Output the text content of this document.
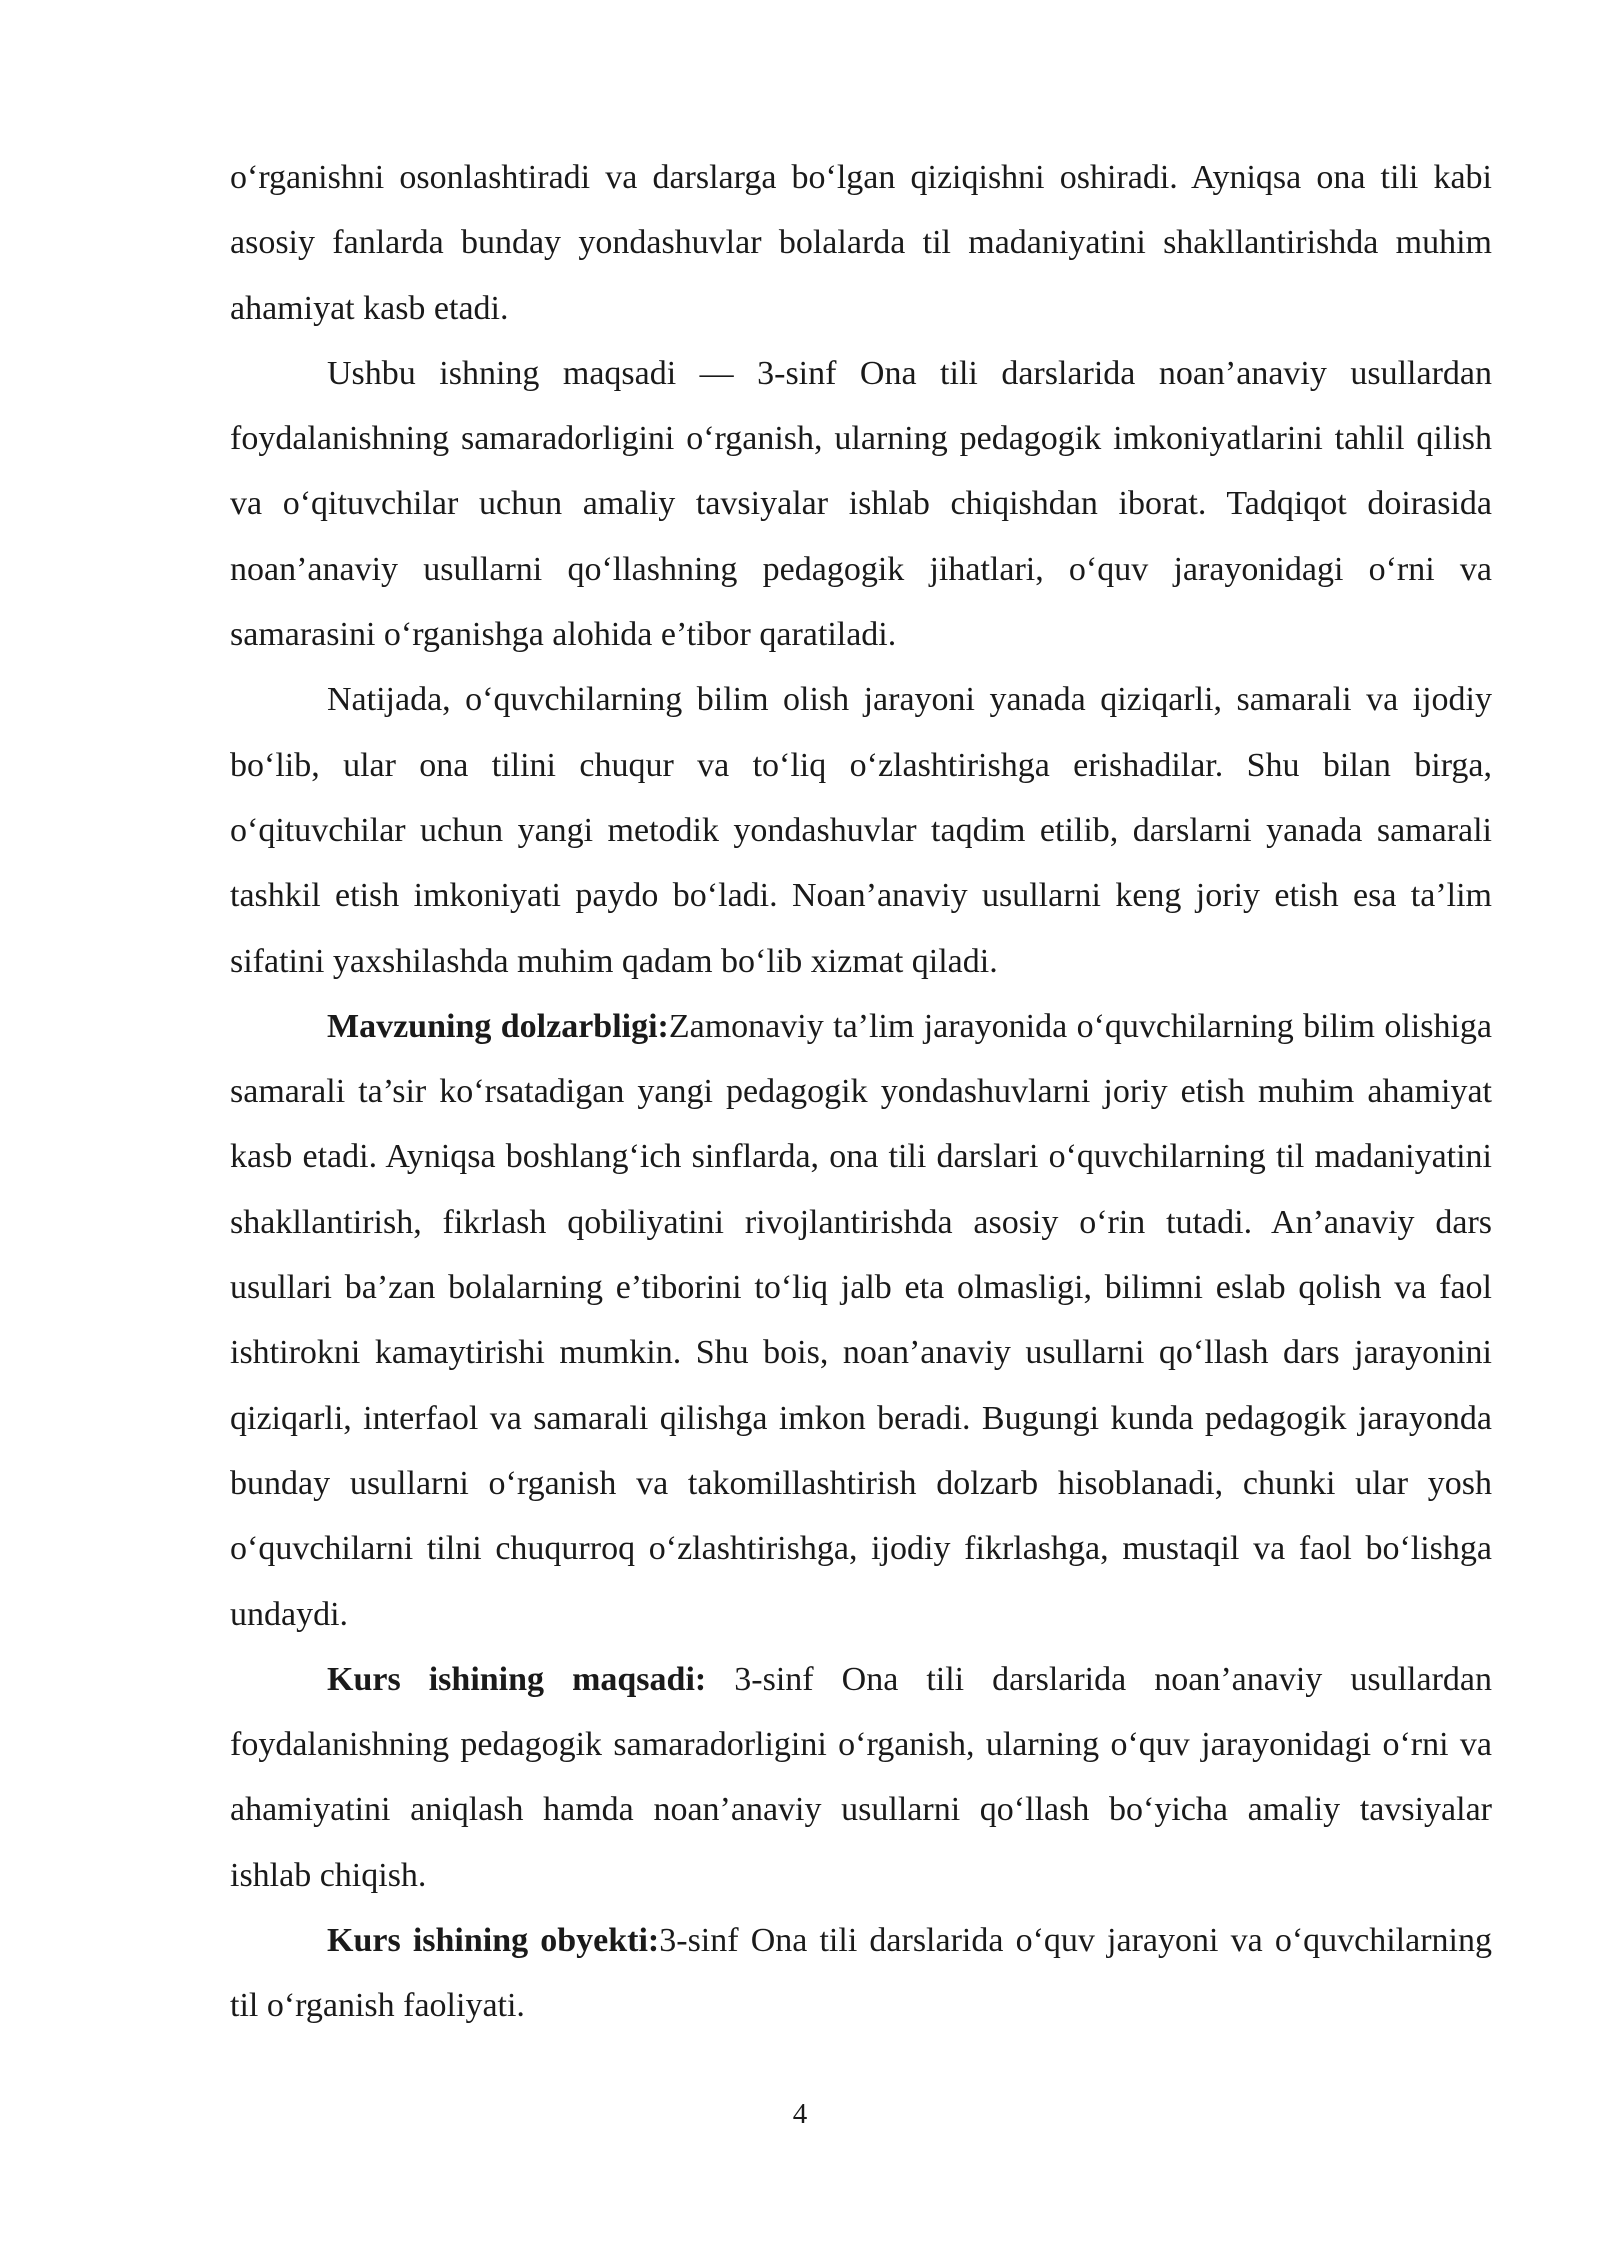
o‘rganishni osonlashtiradi va darslarga bo‘lgan qiziqishni oshiradi. Ayniqsa ona tili kabi asosiy fanlarda bunday yondashuvlar bolalarda til madaniyatini shakllantirishda muhim ahamiyat kasb etadi.

Ushbu ishning maqsadi — 3-sinf Ona tili darslarida noan’anaviy usullardan foydalanishning samaradorligini o‘rganish, ularning pedagogik imkoniyatlarini tahlil qilish va o‘qituvchilar uchun amaliy tavsiyalar ishlab chiqishdan iborat. Tadqiqot doirasida noan’anaviy usullarni qo‘llashning pedagogik jihatlari, o‘quv jarayonidagi o‘rni va samarasini o‘rganishga alohida e’tibor qaratiladi.

Natijada, o‘quvchilarning bilim olish jarayoni yanada qiziqarli, samarali va ijodiy bo‘lib, ular ona tilini chuqur va to‘liq o‘zlashtirishga erishadilar. Shu bilan birga, o‘qituvchilar uchun yangi metodik yondashuvlar taqdim etilib, darslarni yanada samarali tashkil etish imkoniyati paydo bo‘ladi. Noan’anaviy usullarni keng joriy etish esa ta’lim sifatini yaxshilashda muhim qadam bo‘lib xizmat qiladi.

Mavzuning dolzarbligi:Zamonaviy ta’lim jarayonida o‘quvchilarning bilim olishiga samarali ta’sir ko‘rsatadigan yangi pedagogik yondashuvlarni joriy etish muhim ahamiyat kasb etadi. Ayniqsa boshlang‘ich sinflarda, ona tili darslari o‘quvchilarning til madaniyatini shakllantirish, fikrlash qobiliyatini rivojlantirishda asosiy o‘rin tutadi. An’anaviy dars usullari ba’zan bolalarning e’tiborini to‘liq jalb eta olmasligi, bilimni eslab qolish va faol ishtirokni kamaytirishi mumkin. Shu bois, noan’anaviy usullarni qo‘llash dars jarayonini qiziqarli, interfaol va samarali qilishga imkon beradi. Bugungi kunda pedagogik jarayonda bunday usullarni o‘rganish va takomillashtirish dolzarb hisoblanadi, chunki ular yosh o‘quvchilarni tilni chuqurroq o‘zlashtirishga, ijodiy fikrlashga, mustaqil va faol bo‘lishga undaydi.

Kurs ishining maqsadi: 3-sinf Ona tili darslarida noan’anaviy usullardan foydalanishning pedagogik samaradorligini o‘rganish, ularning o‘quv jarayonidagi o‘rni va ahamiyatini aniqlash hamda noan’anaviy usullarni qo‘llash bo‘yicha amaliy tavsiyalar ishlab chiqish.

Kurs ishining obyekti:3-sinf Ona tili darslarida o‘quv jarayoni va o‘quvchilarning til o‘rganish faoliyati.

4
